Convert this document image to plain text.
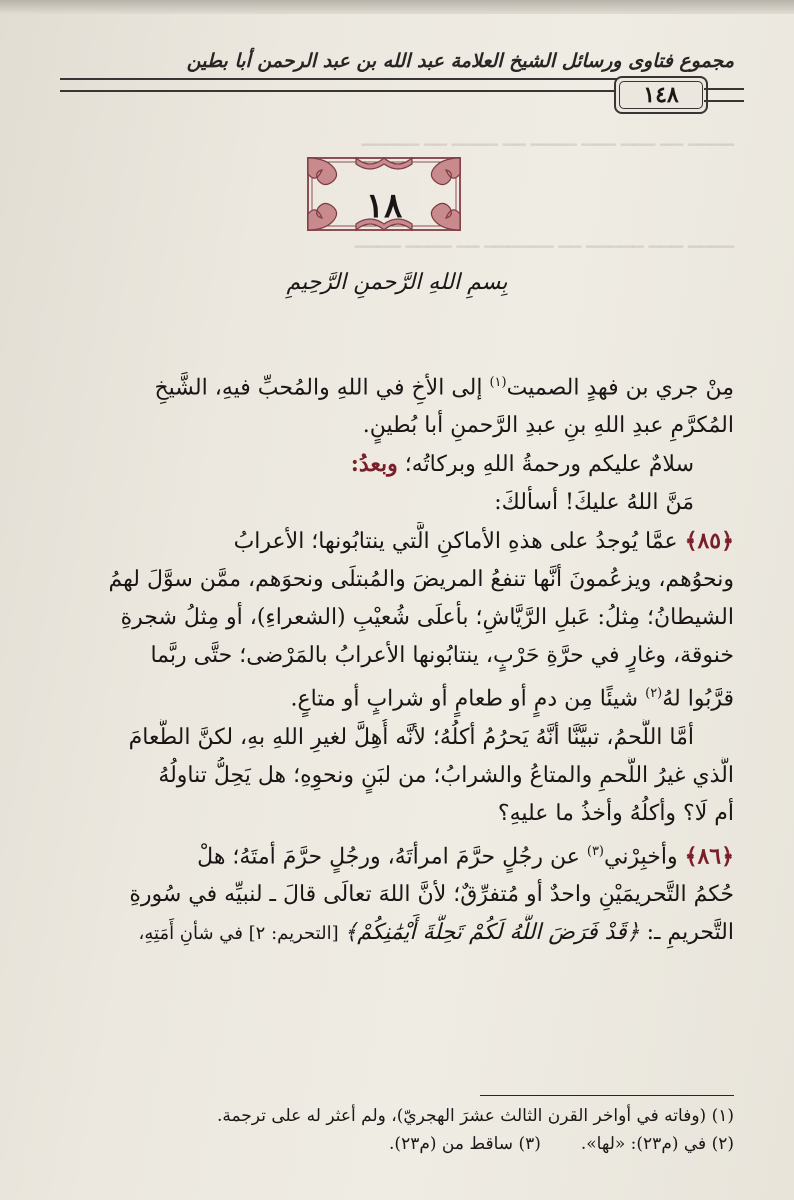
مجموع فتاوى ورسائل الشيخ العلامة عبد الله بن عبد الرحمن أبا بطين
١٤٨
▁▁▁▁ ▁▁ ▁▁▁ ▁▁▁ ▁▁▁▁ ▁▁ ▁▁▁▁ ▁▁ ▁▁▁▁▁
▁▁▁▁ ▁▁▁ ▁▁▁▁▁ ▁▁ ▁▁▁▁▁▁ ▁▁ ▁▁▁▁ ▁▁▁▁
١٨
بِسمِ اللهِ الرَّحمنِ الرَّحِيمِ
مِنْ جري بن فهدٍ الصميت$^{(١)}$ إلى الأخِ في اللهِ والمُحبِّ فيهِ، الشَّيخِ
المُكرَّمِ عبدِ اللهِ بنِ عبدِ الرَّحمنِ أبا بُطينٍ.
سلامٌ عليكم ورحمةُ اللهِ وبركاتُه؛ وبعدُ:
مَنَّ اللهُ عليكَ! أسألكَ:
﴿٨٥﴾ عمَّا يُوجدُ على هذهِ الأماكنِ الَّتي ينتابُونها؛ الأعرابُ
ونحوُهم، ويزعُمونَ أنَّها تنفعُ المريضَ والمُبتلَى ونحوَهم، ممَّن سوَّلَ لهمُ
الشيطانُ؛ مِثلُ: عَبلِ الرَّيَّاشِ؛ بأعلَى شُعيْبِ (الشعراءِ)، أو مِثلُ شجرةِ
خنوقة، وغارٍ في حرَّةِ حَرْبٍ، ينتابُونها الأعرابُ بالمَرْضى؛ حتَّى ربَّما
قرَّبُوا لهُ$^{(٢)}$ شيئًا مِن دمٍ أو طعامٍ أو شرابٍ أو متاعٍ.
أمَّا اللَّحمُ، تبيَّنَّا أنَّهُ يَحرُمُ أكلُهُ؛ لأنَّه أُهِلَّ لغيرِ اللهِ بهِ، لكنَّ الطَّعامَ
الَّذي غيرُ اللَّحمِ والمتاعُ والشرابُ؛ من لبَنٍ ونحوِهِ؛ هل يَحِلُّ تناولُهُ
أم لَا؟ وأكلُهُ وأخذُ ما عليهِ؟
﴿٨٦﴾ وأخبِرْني$^{(٣)}$ عن رجُلٍ حرَّمَ امرأتَهُ، ورجُلٍ حرَّمَ أمتَهُ؛ هلْ
حُكمُ التَّحريمَيْنِ واحدٌ أو مُتفرِّقٌ؛ لأنَّ اللهَ تعالَى قالَ ـ لنبيِّه في سُورةِ
التَّحريمِ ـ: ﴿قَدْ فَرَضَ اللَّهُ لَكُمْ تَحِلَّةَ أَيْمَٰنِكُمْ﴾ [التحريم: ٢] في شأنِ أَمَتِهِ،
(١) (وفاته في أواخر القرن الثالث عشرَ الهجريّ)، ولم أعثر له على ترجمة.
(٢) في (م٢٣): «لها».(٣) ساقط من (م٢٣).
